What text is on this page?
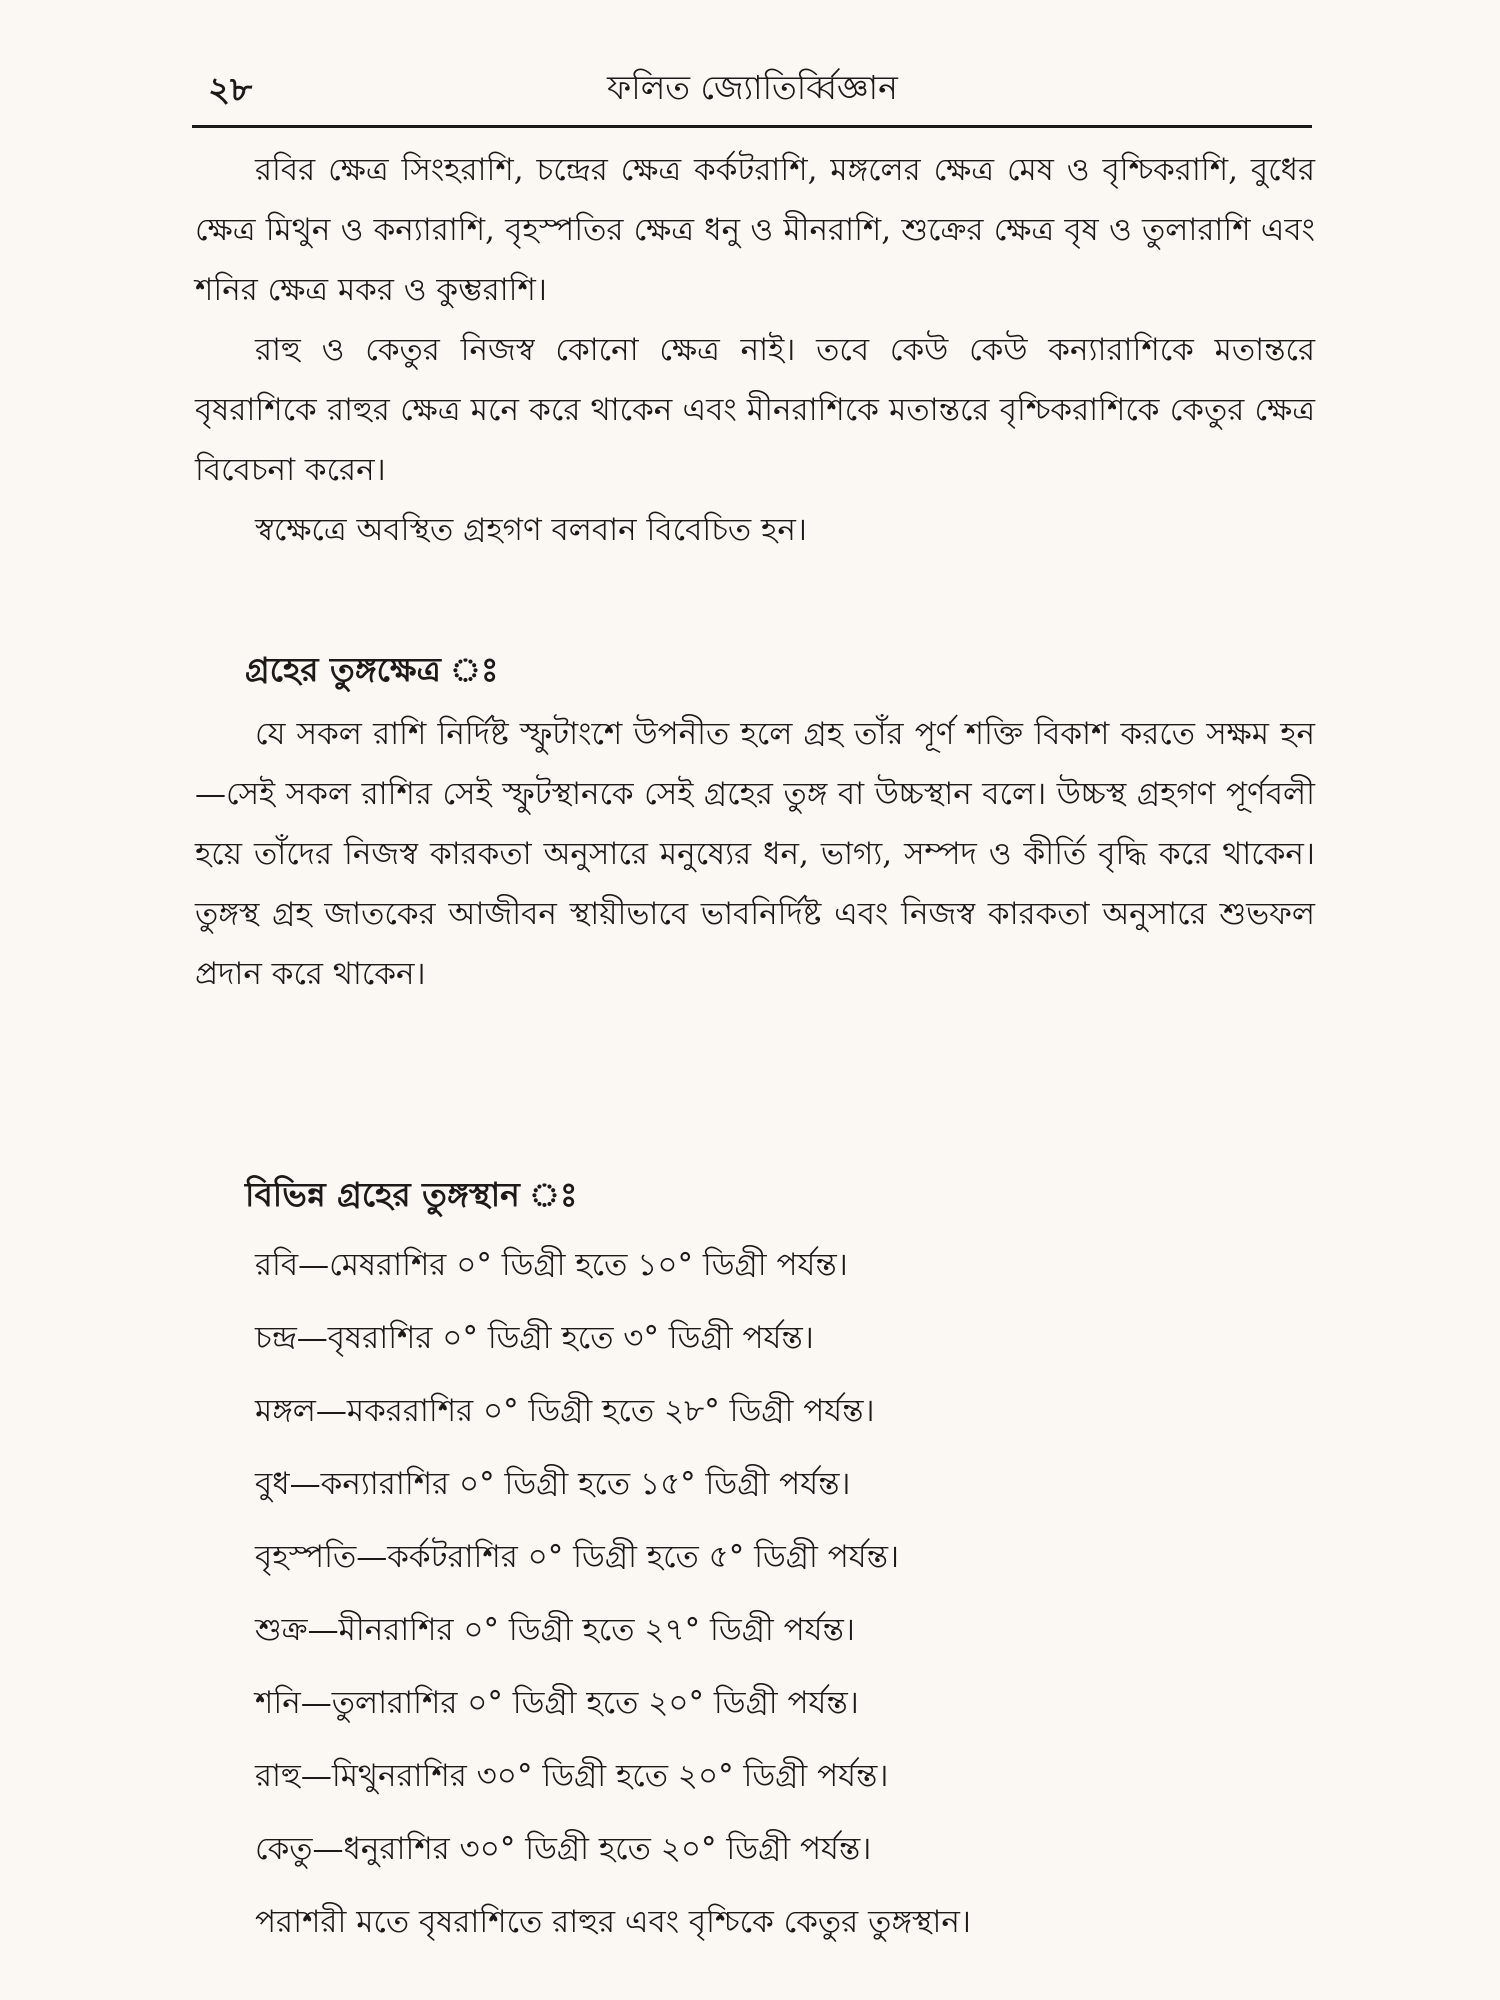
২৮	ফলিত জ্যোতির্ব্বিজ্ঞান

রবির ক্ষেত্র সিংহরাশি, চন্দ্রের ক্ষেত্র কর্কটরাশি, মঙ্গলের ক্ষেত্র মেষ ও বৃশ্চিকরাশি, বুধের ক্ষেত্র মিথুন ও কন্যারাশি, বৃহস্পতির ক্ষেত্র ধনু ও মীনরাশি, শুক্রের ক্ষেত্র বৃষ ও তুলারাশি এবং শনির ক্ষেত্র মকর ও কুম্ভরাশি।

রাহু ও কেতুর নিজস্ব কোনো ক্ষেত্র নাই। তবে কেউ কেউ কন্যারাশিকে মতান্তরে বৃষরাশিকে রাহুর ক্ষেত্র মনে করে থাকেন এবং মীনরাশিকে মতান্তরে বৃশ্চিকরাশিকে কেতুর ক্ষেত্র বিবেচনা করেন।

স্বক্ষেত্রে অবস্থিত গ্রহগণ বলবান বিবেচিত হন।

গ্রহের তুঙ্গক্ষেত্র ঃ

যে সকল রাশি নির্দিষ্ট স্ফুটাংশে উপনীত হলে গ্রহ তাঁর পূর্ণ শক্তি বিকাশ করতে সক্ষম হন—সেই সকল রাশির সেই স্ফুটস্থানকে সেই গ্রহের তুঙ্গ বা উচ্চস্থান বলে। উচ্চস্থ গ্রহগণ পূর্ণবলী হয়ে তাঁদের নিজস্ব কারকতা অনুসারে মনুষ্যের ধন, ভাগ্য, সম্পদ ও কীর্তি বৃদ্ধি করে থাকেন। তুঙ্গস্থ গ্রহ জাতকের আজীবন স্থায়ীভাবে ভাবনির্দিষ্ট এবং নিজস্ব কারকতা অনুসারে শুভফল প্রদান করে থাকেন।

বিভিন্ন গ্রহের তুঙ্গস্থান ঃ
রবি—মেষরাশির ০° ডিগ্রী হতে ১০° ডিগ্রী পর্যন্ত।
চন্দ্র—বৃষরাশির ০° ডিগ্রী হতে ৩° ডিগ্রী পর্যন্ত।
মঙ্গল—মকররাশির ০° ডিগ্রী হতে ২৮° ডিগ্রী পর্যন্ত।
বুধ—কন্যারাশির ০° ডিগ্রী হতে ১৫° ডিগ্রী পর্যন্ত।
বৃহস্পতি—কর্কটরাশির ০° ডিগ্রী হতে ৫° ডিগ্রী পর্যন্ত।
শুক্র—মীনরাশির ০° ডিগ্রী হতে ২৭° ডিগ্রী পর্যন্ত।
শনি—তুলারাশির ০° ডিগ্রী হতে ২০° ডিগ্রী পর্যন্ত।
রাহু—মিথুনরাশির ৩০° ডিগ্রী হতে ২০° ডিগ্রী পর্যন্ত।
কেতু—ধনুরাশির ৩০° ডিগ্রী হতে ২০° ডিগ্রী পর্যন্ত।

পরাশরী মতে বৃষরাশিতে রাহুর এবং বৃশ্চিকে কেতুর তুঙ্গস্থান।
